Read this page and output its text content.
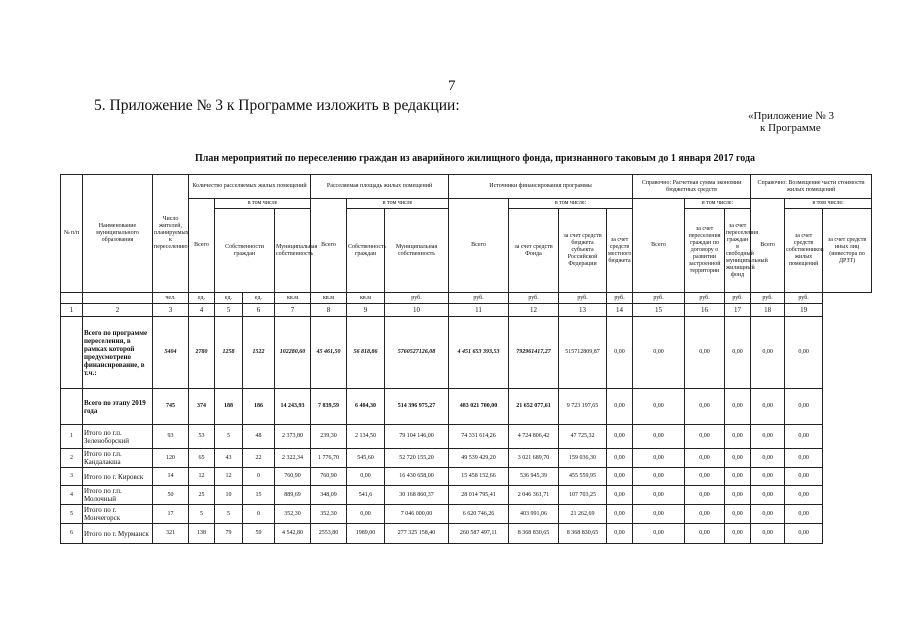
7
5. Приложение № 3 к Программе изложить в редакции:
«Приложение № 3
к Программе
План мероприятий по переселению граждан из аварийного жилищного фонда, признанного таковым до 1 января 2017 года
№ п/п	Наименование муниципального образования	Число жителей, планируемых к переселению	Количество расселяемых жилых помещений				Расселяемая площадь жилых помещений			Источники финансирования программы				Справочно: Расчетная сумма экономии бюджетных средств			Справочно: Возмещение части стоимости жилых помещений		
			Всего	в том числе			Всего	в том числе		Всего	в том числе:			Всего	в том числе:		Всего	в том числе:	
				Собственности граждан		Муниципальная собственность		Собственность граждан	Муниципальная собственность		за счет средств Фонда	за счет средств бюджета субъекта Российской Федерации	за счет средств местного бюджета		за счет переселения граждан по договору о развитии застроенной территории	за счет переселения граждан в свободный муниципальный жилищный фонд		за счет средств собственников жилых помещений	за счет средств иных лиц (инвестора по ДРЗТ)
		чел.	ед.	ед.	ед.	кв.м	кв.м	кв.м	руб.	руб.	руб.	руб.	руб.	руб.	руб.	руб.	руб.	руб.	
1	2	3	4	5	6	7	8	9	10	11	12	13	14	15	16	17	18	19	
	Всего по программе переселения, в рамках которой предусмотрено финансирование, в т.ч.:	5404	2780	1258	1522	102280,60	45 461,50	56 818,86	5760527126,08	4 451 653 393,53	792961417,27	515712809,87	0,00	0,00	0,00	0,00	0,00	0,00	
	Всего по этапу 2019 года	745	374	188	186	14 243,93	7 839,59	6 404,30	514 396 975,27	483 021 700,00	21 652 077,61	9 723 197,65	0,00	0,00	0,00	0,00	0,00	0,00	
1	Итого по г.п. Зеленоборский	93	53	5	48	2 373,80	239,30	2 134,50	79 104 146,00	74 331 614,26	4 724 806,42	47 725,32	0,00	0,00	0,00	0,00	0,00	0,00	
2	Итого по г.п. Кандалакша	120	65	43	22	2 322,34	1 776,70	545,60	52 720 155,20	49 539 429,20	3 021 689,70	159 036,30	0,00	0,00	0,00	0,00	0,00	0,00	
3	Итого по г. Кировск	14	12	12	0	760,90	760,90	0,00	16 430 658,00	15 458 152,66	536 945,39	455 559,95	0,00	0,00	0,00	0,00	0,00	0,00	
4	Итого по г.п. Молочный	50	25	10	15	889,69	348,09	541,6	30 168 860,37	28 014 795,41	2 046 361,71	107 703,25	0,00	0,00	0,00	0,00	0,00	0,00	
5	Итого по г. Мончегорск	17	5	5	0	352,30	352,30	0,00	7 046 000,00	6 620 746,26	403 991,06	21 262,69	0,00	0,00	0,00	0,00	0,00	0,00	
6	Итого по г. Мурманск	321	138	79	59	4 542,80	2553,80	1989,00	277 325 158,40	260 587 497,11	8 368 830,65	8 368 830,65	0,00	0,00	0,00	0,00	0,00	0,00	
